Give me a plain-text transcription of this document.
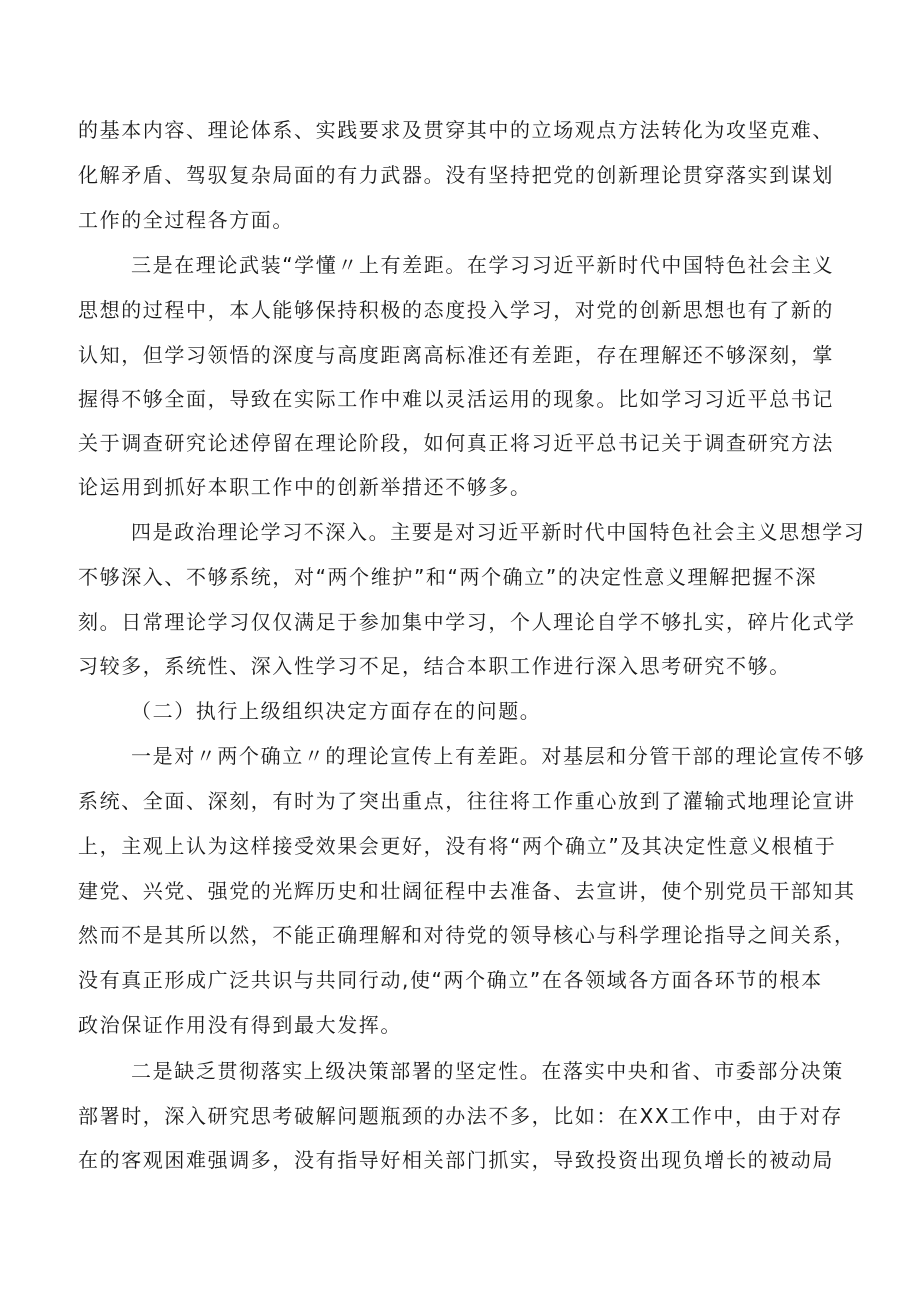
的基本内容、理论体系、实践要求及贯穿其中的立场观点方法转化为攻坚克难、
化解矛盾、驾驭复杂局面的有力武器。没有坚持把党的创新理论贯穿落实到谋划
工作的全过程各方面。
三是在理论武装“学懂〃上有差距。在学习习近平新时代中国特色社会主义
思想的过程中，本人能够保持积极的态度投入学习，对党的创新思想也有了新的
认知，但学习领悟的深度与高度距离高标准还有差距，存在理解还不够深刻，掌
握得不够全面，导致在实际工作中难以灵活运用的现象。比如学习习近平总书记
关于调查研究论述停留在理论阶段，如何真正将习近平总书记关于调查研究方法
论运用到抓好本职工作中的创新举措还不够多。
四是政治理论学习不深入。主要是对习近平新时代中国特色社会主义思想学习
不够深入、不够系统，对“两个维护”和“两个确立”的决定性意义理解把握不深
刻。日常理论学习仅仅满足于参加集中学习，个人理论自学不够扎实，碎片化式学
习较多，系统性、深入性学习不足，结合本职工作进行深入思考研究不够。
（二）执行上级组织决定方面存在的问题。
一是对〃两个确立〃的理论宣传上有差距。对基层和分管干部的理论宣传不够
系统、全面、深刻，有时为了突出重点，往往将工作重心放到了灌输式地理论宣讲
上，主观上认为这样接受效果会更好，没有将“两个确立”及其决定性意义根植于
建党、兴党、强党的光辉历史和壮阔征程中去准备、去宣讲，使个别党员干部知其
然而不是其所以然，不能正确理解和对待党的领导核心与科学理论指导之间关系，
没有真正形成广泛共识与共同行动,使“两个确立”在各领域各方面各环节的根本
政治保证作用没有得到最大发挥。
二是缺乏贯彻落实上级决策部署的坚定性。在落实中央和省、市委部分决策
部署时，深入研究思考破解问题瓶颈的办法不多，比如：在XX工作中，由于对存
在的客观困难强调多，没有指导好相关部门抓实，导致投资出现负增长的被动局
